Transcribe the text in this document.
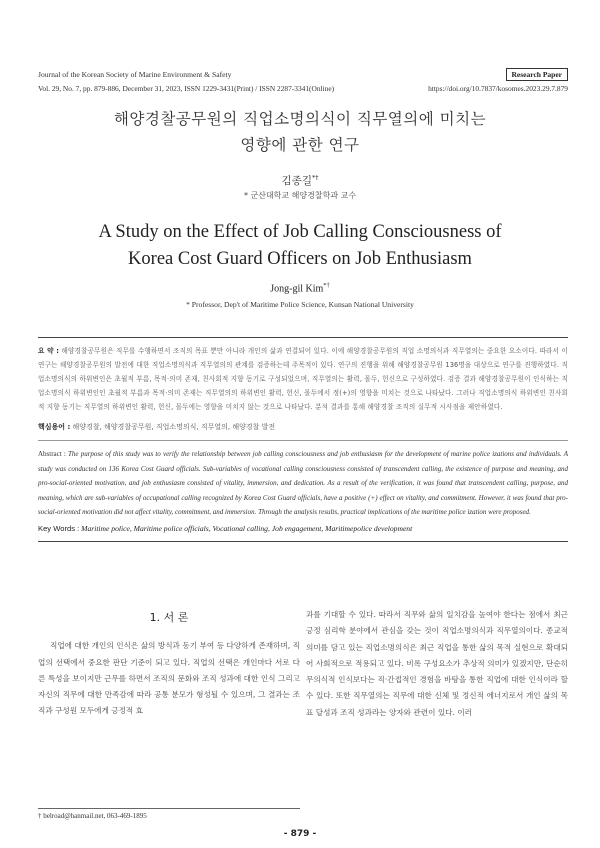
Journal of the Korean Society of Marine Environment & Safety	Research Paper
Vol. 29, No. 7, pp. 879-886, December 31, 2023, ISSN 1229-3431(Print) / ISSN 2287-3341(Online)	https://doi.org/10.7837/kosomes.2023.29.7.879
해양경찰공무원의 직업소명의식이 직무열의에 미치는
영향에 관한 연구
김종길*†
* 군산대학교 해양경찰학과 교수
A Study on the Effect of Job Calling Consciousness of
Korea Cost Guard Officers on Job Enthusiasm
Jong-gil Kim*†
* Professor, Dep't of Maritime Police Science, Kunsan National University
요 약 : 해양경찰공무원은 직무를 수행하면서 조직의 목표 뿐만 아니라 개인의 삶과 연결되어 있다. 이에 해양경찰공무원의 직업 소명의식과 직무열의는 중요한 요소이다. 따라서 이 연구는 해양경찰공무원의 발전에 대한 직업소명의식과 직무열의의 관계를 검증하는데 주목적이 있다. 연구의 진행을 위해 해양경찰공무원 136명을 대상으로 연구를 진행하였다. 직업소명의식의 하위변인은 초월적 부름, 목적·의미 존재, 친사회적 지향 동기로 구성되었으며, 직무열의는 활력, 몰두, 헌신으로 구성하였다. 검증 결과 해양경찰공무원이 인식하는 직업소명의식 하위변인인 초월적 부름과 목적·의미 존재는 직무열의의 하위변인 활력, 헌신, 몰두에서 정(+)의 영향을 미치는 것으로 나타났다. 그러나 직업소명의식 하위변인 친사회적 지향 동기는 직무열의 하위변인 활력, 헌신, 몰두에는 영향을 미치지 않는 것으로 나타났다. 분석 결과를 통해 해양경찰 조직의 실무적 시사점을 제안하였다.
핵심용어 : 해양경찰, 해양경찰공무원, 직업소명의식, 직무열의, 해양경찰 발전
Abstract : The purpose of this study was to verify the relationship between job calling consciousness and job enthusiasm for the development of marine police izations and individuals. A study was conducted on 136 Korea Cost Guard officials. Sub-variables of vocational calling consciousness consisted of transcendent calling, the existence of purpose and meaning, and pro-social-oriented motivation, and job enthusiasm consisted of vitality, immersion, and dedication. As a result of the verification, it was found that transcendent calling, purpose, and meaning, which are sub-variables of occupational calling recognized by Korea Cost Guard officials, have a positive (+) effect on vitality, and commitment. However, it was found that pro-social-oriented motivation did not affect vitality, commitment, and immersion. Through the analysis results, practical implications of the maritime police ization were proposed.
Key Words : Maritime police, Maritime police officials, Vocational calling, Job engagement, Maritimepolice development
1. 서 론

직업에 대한 개인의 인식은 삶의 방식과 동기 부여 등 다양하게 존재하며, 직업의 선택에서 중요한 판단 기준이 되고 있다. 직업의 선택은 개인마다 서로 다른 특성을 보이지만 근무를 하면서 조직의 문화와 조직 성과에 대한 인식 그리고 자신의 직무에 대한 만족감에 따라 공통 분모가 형성될 수 있으며, 그 결과는 조직과 구성원 모두에게 긍정적 효

과를 기대할 수 있다. 따라서 직무와 삶의 일치감을 높여야 한다는 점에서 최근 긍정 심리학 분야에서 관심을 갖는 것이 직업소명의식과 직무열의이다. 종교적 의미를 담고 있는 직업소명의식은 최근 직업을 통한 삶의 목적 실현으로 확대되어 사회적으로 적용되고 있다. 비록 구성요소가 추상적 의미가 있겠지만, 단순히 무의식적 인식보다는 직·간접적인 경험을 바탕을 통한 직업에 대한 인식이라 할 수 있다. 또한 직무열의는 직무에 대한 신체 및 정신적 에너지로서 개인 삶의 목표 달성과 조직 성과라는 양자와 관련이 있다. 이러

† belroad@hanmail.net, 063-469-1895
- 879 -
